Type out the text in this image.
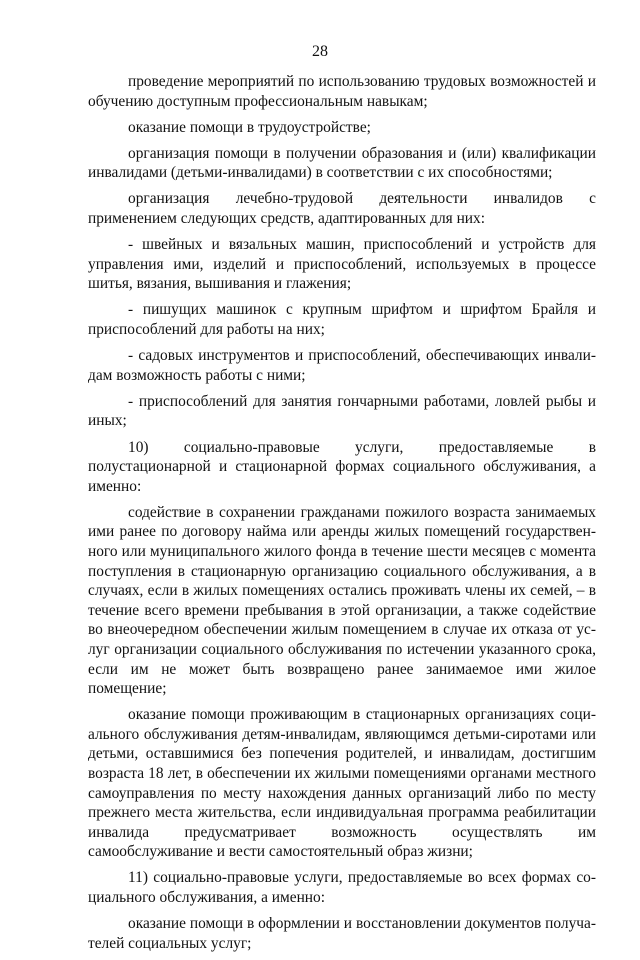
28

проведение мероприятий по использованию трудовых возможностей и обучению доступным профессиональным навыкам;

оказание помощи в трудоустройстве;

организация помощи в получении образования и (или) квалификации инвалидами (детьми-инвалидами) в соответствии с их способностями;

организация лечебно-трудовой деятельности инвалидов с применением следующих средств, адаптированных для них:

- швейных и вязальных машин, приспособлений и устройств для управления ими, изделий и приспособлений, используемых в процессе шитья, вязания, вышивания и глажения;

- пишущих машинок с крупным шрифтом и шрифтом Брайля и приспособлений для работы на них;

- садовых инструментов и приспособлений, обеспечивающих инвалидам возможность работы с ними;

- приспособлений для занятия гончарными работами, ловлей рыбы и иных;

10) социально-правовые услуги, предоставляемые в полустационарной и стационарной формах социального обслуживания, а именно:

содействие в сохранении гражданами пожилого возраста занимаемых ими ранее по договору найма или аренды жилых помещений государственного или муниципального жилого фонда в течение шести месяцев с момента поступления в стационарную организацию социального обслуживания, а в случаях, если в жилых помещениях остались проживать члены их семей, – в течение всего времени пребывания в этой организации, а также содействие во внеочередном обеспечении жилым помещением в случае их отказа от услуг организации социального обслуживания по истечении указанного срока, если им не может быть возвращено ранее занимаемое ими жилое помещение;

оказание помощи проживающим в стационарных организациях социального обслуживания детям-инвалидам, являющимся детьми-сиротами или детьми, оставшимися без попечения родителей, и инвалидам, достигшим возраста 18 лет, в обеспечении их жилыми помещениями органами местного самоуправления по месту нахождения данных организаций либо по месту прежнего места жительства, если индивидуальная программа реабилитации инвалида предусматривает возможность осуществлять им самообслуживание и вести самостоятельный образ жизни;

11) социально-правовые услуги, предоставляемые во всех формах социального обслуживания, а именно:

оказание помощи в оформлении и восстановлении документов получателей социальных услуг;
